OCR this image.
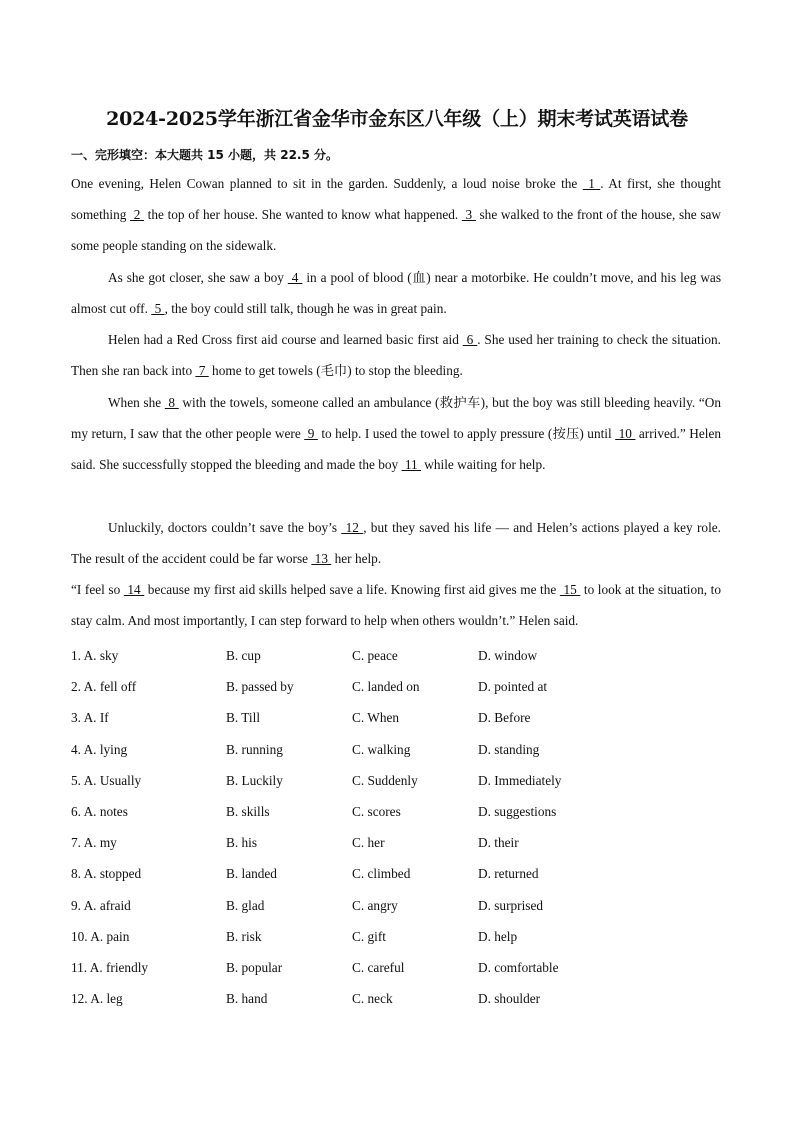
2024-2025学年浙江省金华市金东区八年级（上）期末考试英语试卷
一、完形填空：本大题共 15 小题，共 22.5 分。
One evening, Helen Cowan planned to sit in the garden. Suddenly, a loud noise broke the  1 . At first, she thought something  2  the top of her house. She wanted to know what happened.  3  she walked to the front of the house, she saw some people standing on the sidewalk.
As she got closer, she saw a boy  4  in a pool of blood (血) near a motorbike. He couldn’t move, and his leg was almost cut off.  5 , the boy could still talk, though he was in great pain.
Helen had a Red Cross first aid course and learned basic first aid  6 . She used her training to check the situation. Then she ran back into  7  home to get towels (毛巾) to stop the bleeding.
When she  8  with the towels, someone called an ambulance (救护车), but the boy was still bleeding heavily. “On my return, I saw that the other people were  9  to help. I used the towel to apply pressure (按压) until  10  arrived.” Helen said. She successfully stopped the bleeding and made the boy  11  while waiting for help.
Unluckily, doctors couldn’t save the boy’s  12 , but they saved his life — and Helen’s actions played a key role. The result of the accident could be far worse  13  her help.
“I feel so  14  because my first aid skills helped save a life. Knowing first aid gives me the  15  to look at the situation, to stay calm. And most importantly, I can step forward to help when others wouldn’t.” Helen said.
1. A. sky	B. cup	C. peace	D. window
2. A. fell off	B. passed by	C. landed on	D. pointed at
3. A. If	B. Till	C. When	D. Before
4. A. lying	B. running	C. walking	D. standing
5. A. Usually	B. Luckily	C. Suddenly	D. Immediately
6. A. notes	B. skills	C. scores	D. suggestions
7. A. my	B. his	C. her	D. their
8. A. stopped	B. landed	C. climbed	D. returned
9. A. afraid	B. glad	C. angry	D. surprised
10. A. pain	B. risk	C. gift	D. help
11. A. friendly	B. popular	C. careful	D. comfortable
12. A. leg	B. hand	C. neck	D. shoulder
